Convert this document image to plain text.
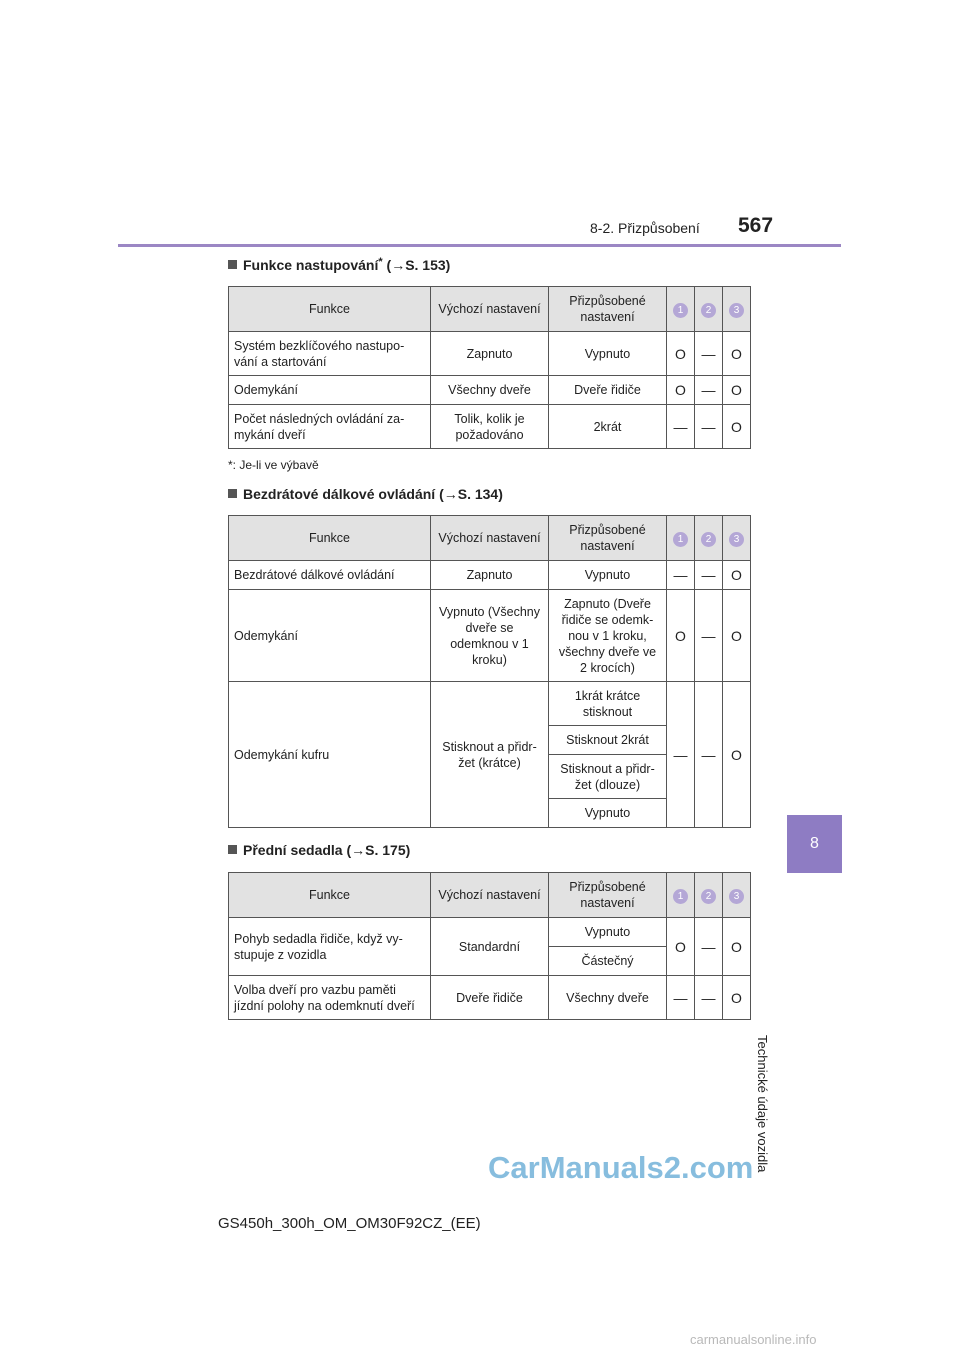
8-2. Přizpůsobení 567
8
Technické údaje vozidla
Funkce nastupování* (→S. 153)
Funkce	Výchozí nastavení	Přizpůsobené nastavení	1	2	3
Systém bezklíčového nastupo- vání a startování	Zapnuto	Vypnuto	O	—	O
Odemykání	Všechny dveře	Dveře řidiče	O	—	O
Počet následných ovládání za- mykání dveří	Tolik, kolik je požadováno	2krát	—	—	O
*: Je-li ve výbavě
Bezdrátové dálkové ovládání (→S. 134)
Funkce	Výchozí nastavení	Přizpůsobené nastavení	1	2	3
Bezdrátové dálkové ovládání	Zapnuto	Vypnuto	—	—	O
Odemykání	Vypnuto (Všechny dveře se odemknou v 1 kroku)	Zapnuto (Dveře řidiče se odemk- nou v 1 kroku, všechny dveře ve 2 krocích)	O	—	O
Odemykání kufru	Stisknout a přidr- žet (krátce)	1krát krátce stisknout	—	—	O
		Stisknout 2krát			
		Stisknout a přidr- žet (dlouze)			
		Vypnuto			
Přední sedadla (→S. 175)
Funkce	Výchozí nastavení	Přizpůsobené nastavení	1	2	3
Pohyb sedadla řidiče, když vy- stupuje z vozidla	Standardní	Vypnuto	O	—	O
		Částečný			
Volba dveří pro vazbu paměti jízdní polohy na odemknutí dveří	Dveře řidiče	Všechny dveře	—	—	O
GS450h_300h_OM_OM30F92CZ_(EE)
CarManuals2.com
carmanualsonline.info
